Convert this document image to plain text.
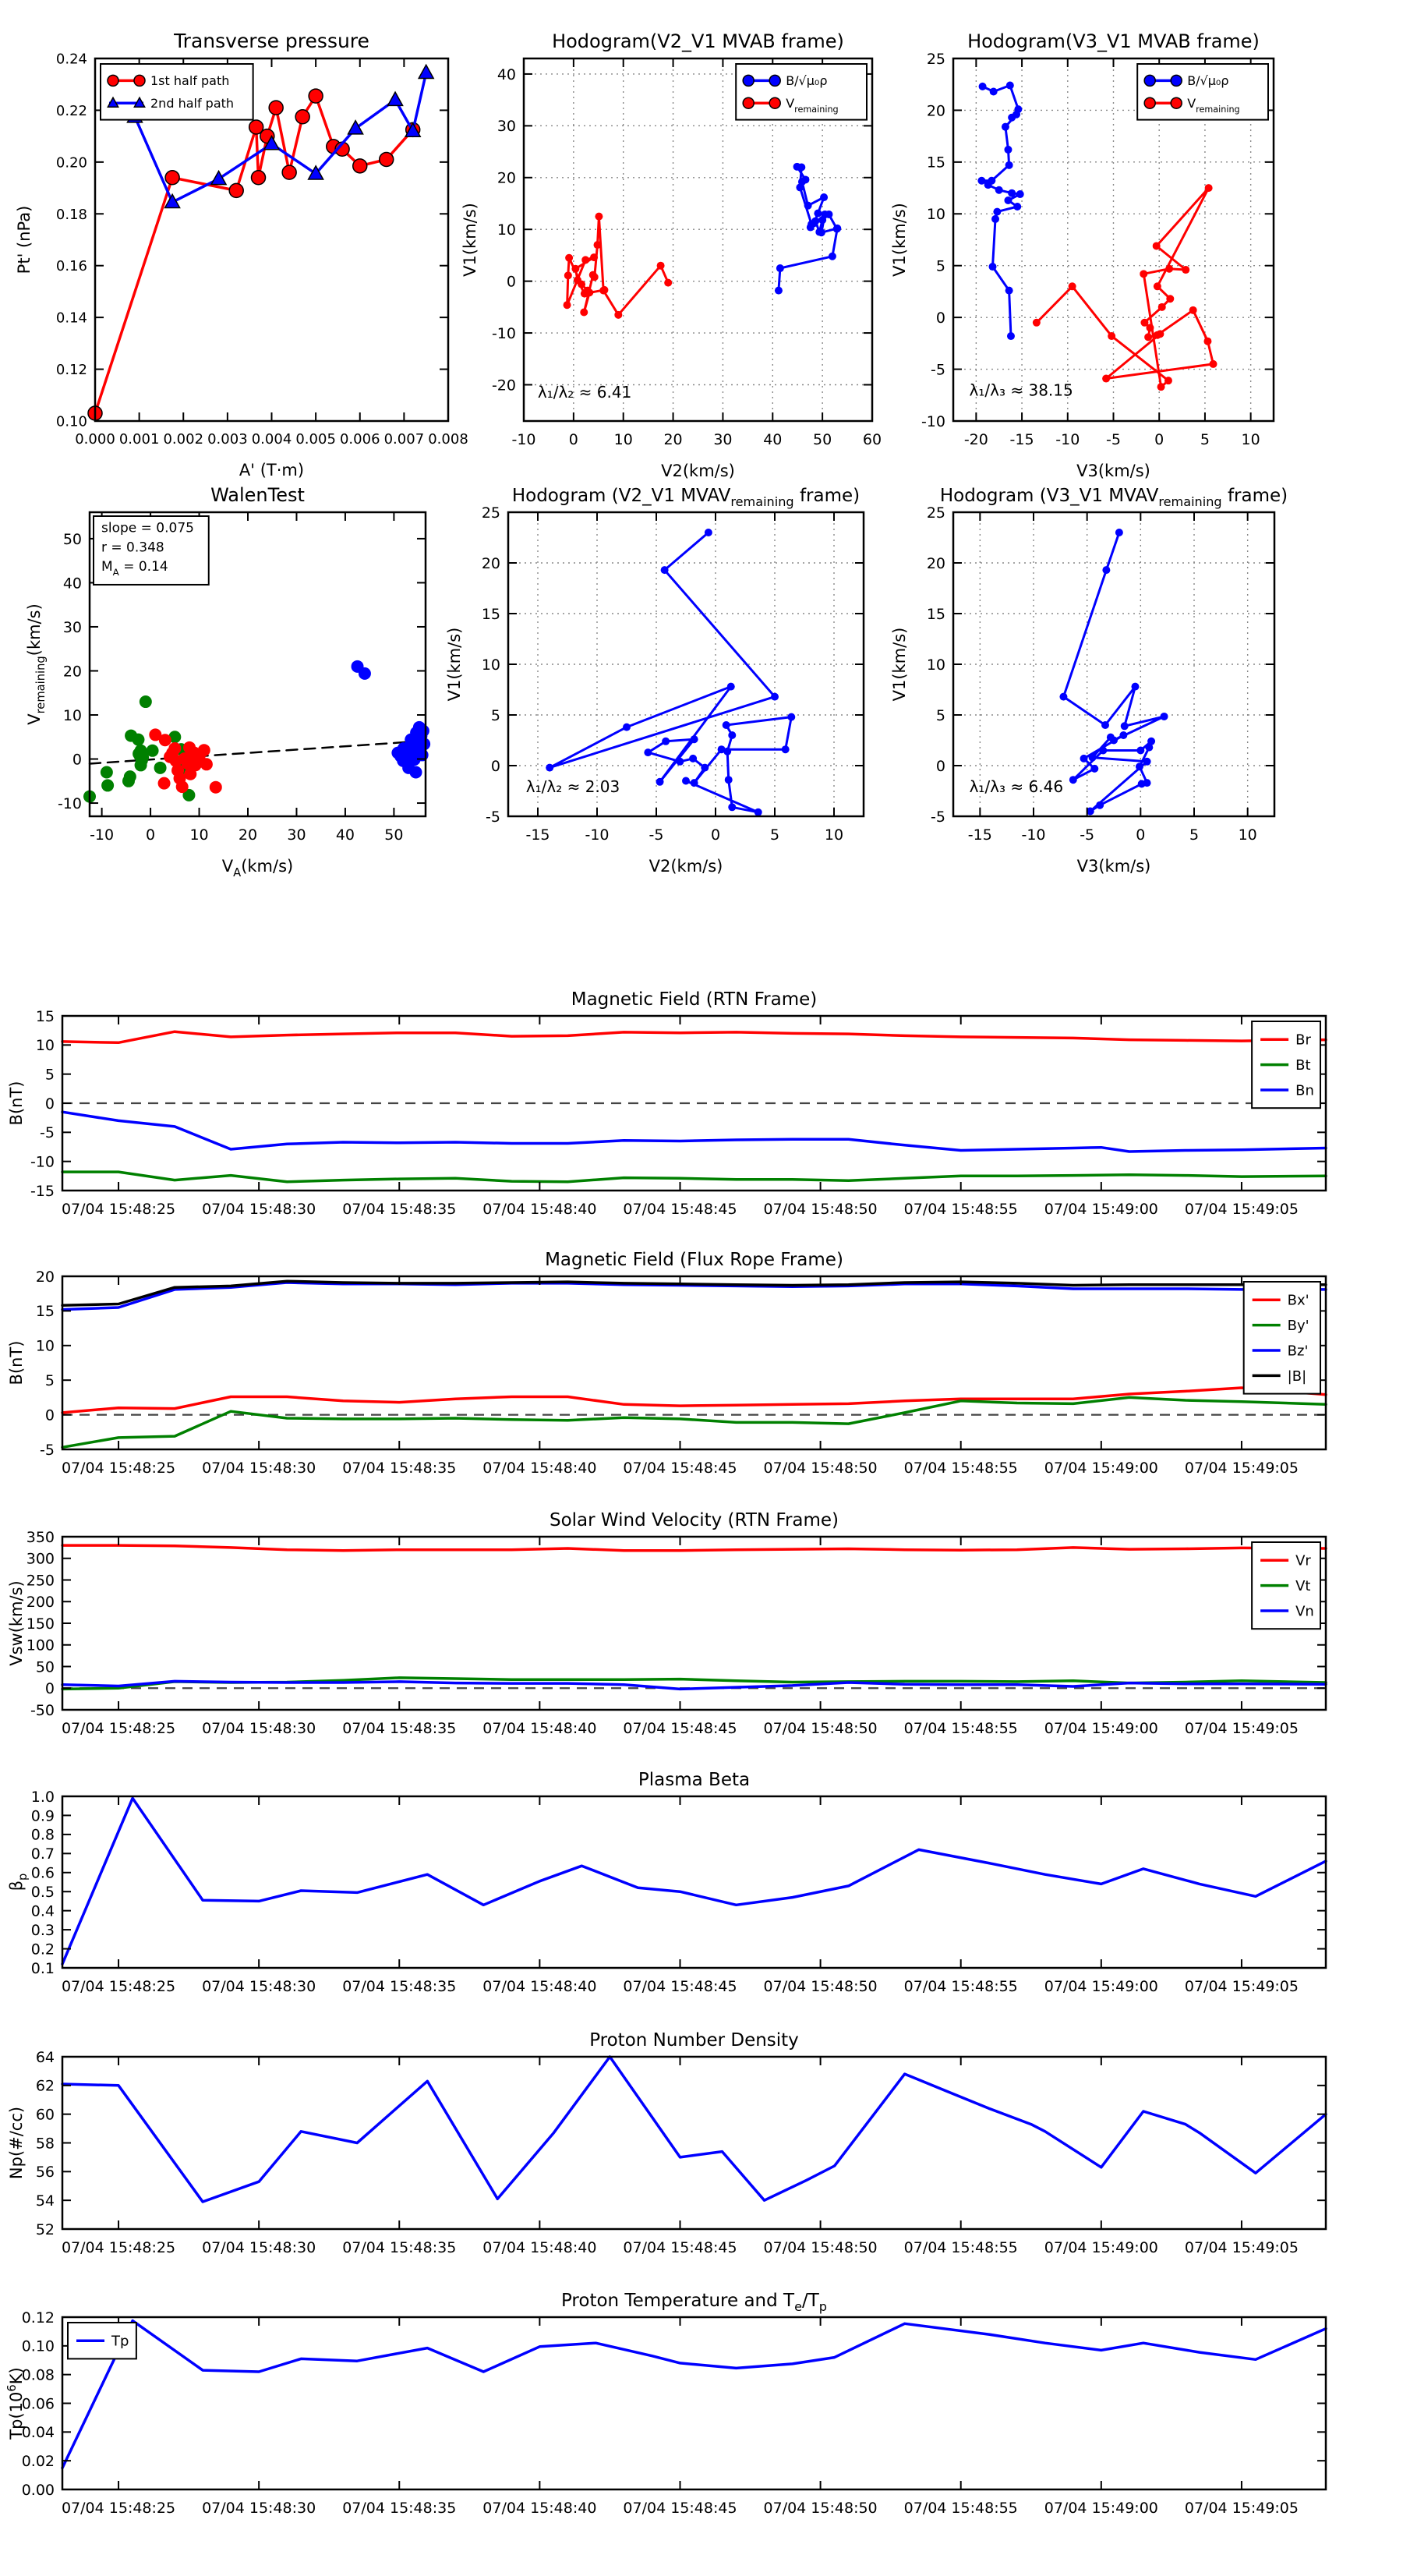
0.000 0.001 0.002 0.003 0.004 0.005 0.006 0.007 0.008
0.10
0.12
0.14
0.16
0.18
0.20
0.22
0.24
A' (T·m)
Pt' (nPa)
Transverse pressure
1st half path
2nd half path
-10 0 10 20 30 40 50 60
-20
-10
0
10
20
30
40
V2(km/s)
V1(km/s)
Hodogram(V2_V1 MVAB frame)
λ₁/λ₂ ≈ 6.41
B/√μ₀ρ
$V_{remaining}$
-20 -15 -10 -5 0 5 10
-10
-5
0
5
10
15
20
25
V3(km/s)
V1(km/s)
Hodogram(V3_V1 MVAB frame)
λ₁/λ₃ ≈ 38.15
B/√μ₀ρ
$V_{remaining}$
-10 0 10 20 30 40 50
-10
0
10
20
30
40
50
$V_A(km/s)$
$V_{remaining}(km/s)$
WalenTest
slope = 0.075
r = 0.348
$M_A = 0.14$
-15 -10	-5	0	5	10
-5
0
5
10
15
20
25
V2(km/s)
V1(km/s)
Hodogram (V2_V1 $MVAV_{remaining}$ frame)
λ₁/λ₂ ≈ 2.03
-15 -10 -5	0	5	10
-5
0
5
10
15
20
25
V3(km/s)
V1(km/s)
Hodogram (V3_V1 $MVAV_{remaining}$ frame)
λ₁/λ₃ ≈ 6.46
07/04 15:48:25 07/04 15:48:30 07/04 15:48:35 07/04 15:48:40 07/04 15:48:45 07/04 15:48:50 07/04 15:48:55 07/04 15:49:00 07/04 15:49:05
-15
-10
-5
0
5
10
15
B(nT)
Magnetic Field (RTN Frame)
Br
Bt
Bn
07/04 15:48:25 07/04 15:48:30 07/04 15:48:35 07/04 15:48:40 07/04 15:48:45 07/04 15:48:50 07/04 15:48:55 07/04 15:49:00 07/04 15:49:05
-5
0
5
10
15
20
B(nT)
Magnetic Field (Flux Rope Frame)
Bx'
By'
Bz'
|B|
07/04 15:48:25 07/04 15:48:30 07/04 15:48:35 07/04 15:48:40 07/04 15:48:45 07/04 15:48:50 07/04 15:48:55 07/04 15:49:00 07/04 15:49:05
-50
0
50
100
150
200
250
300
350
Vsw(km/s)
Solar Wind Velocity (RTN Frame)
Vr
Vt
Vn
07/04 15:48:25 07/04 15:48:30 07/04 15:48:35 07/04 15:48:40 07/04 15:48:45 07/04 15:48:50 07/04 15:48:55 07/04 15:49:00 07/04 15:49:05
0.1
0.2
0.3
0.4
0.5
0.6
0.7
0.8
0.9
1.0
$\beta_p$
Plasma Beta
07/04 15:48:25 07/04 15:48:30 07/04 15:48:35 07/04 15:48:40 07/04 15:48:45 07/04 15:48:50 07/04 15:48:55 07/04 15:49:00 07/04 15:49:05
52
54
56
58
60
62
64
Np(#/cc)
Proton Number Density
07/04 15:48:25 07/04 15:48:30 07/04 15:48:35 07/04 15:48:40 07/04 15:48:45 07/04 15:48:50 07/04 15:48:55 07/04 15:49:00 07/04 15:49:05
0.00
0.02
0.04
0.06
0.08
0.10
0.12
$Tp(10^6K)$
Proton Temperature and $T_e/T_p$
Tp
